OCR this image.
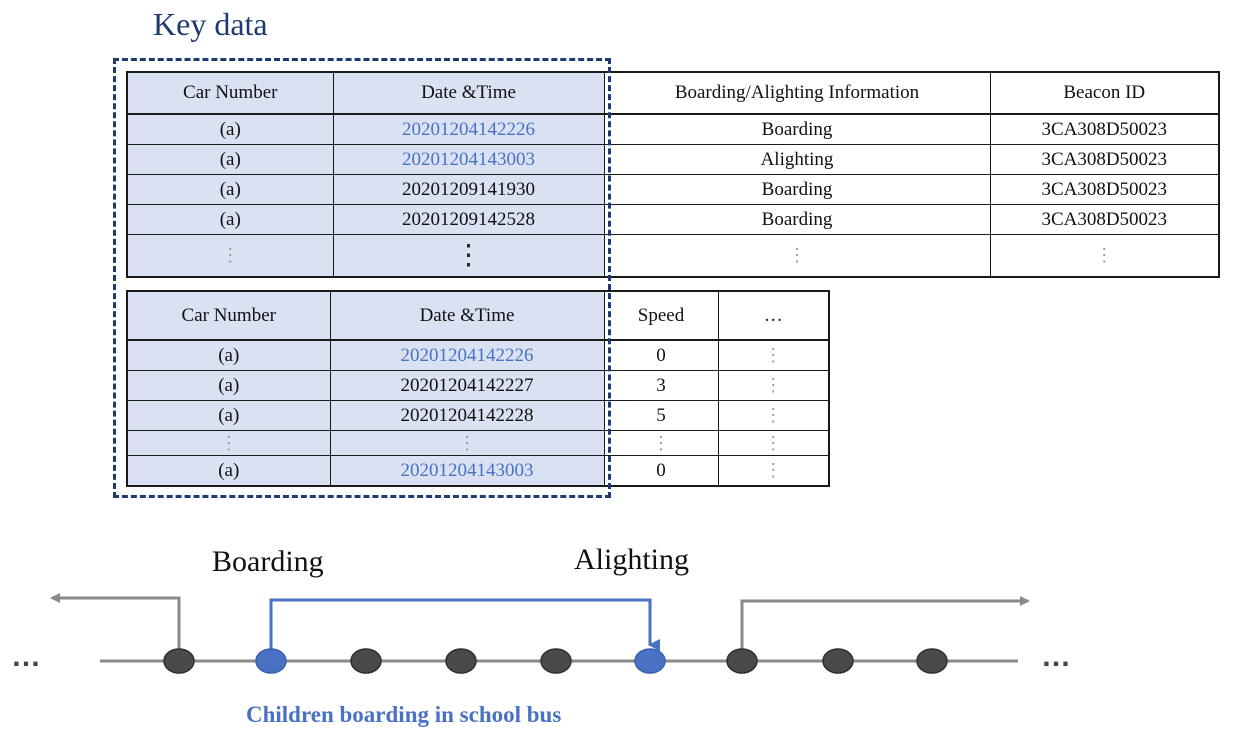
Key data
Car Number	Date &Time	Boarding/Alighting Information	Beacon ID
(a)	20201204142226	Boarding	3CA308D50023
(a)	20201204143003	Alighting	3CA308D50023
(a)	20201209141930	Boarding	3CA308D50023
(a)	20201209142528	Boarding	3CA308D50023
⋮	⋮	⋮	⋮
Car Number	Date &Time	Speed	…
(a)	20201204142226	0	⋮
(a)	20201204142227	3	⋮
(a)	20201204142228	5	⋮
⋮	⋮	⋮	⋮
(a)	20201204143003	0	⋮
Boarding	Alighting
…	…
Children boarding in school bus
